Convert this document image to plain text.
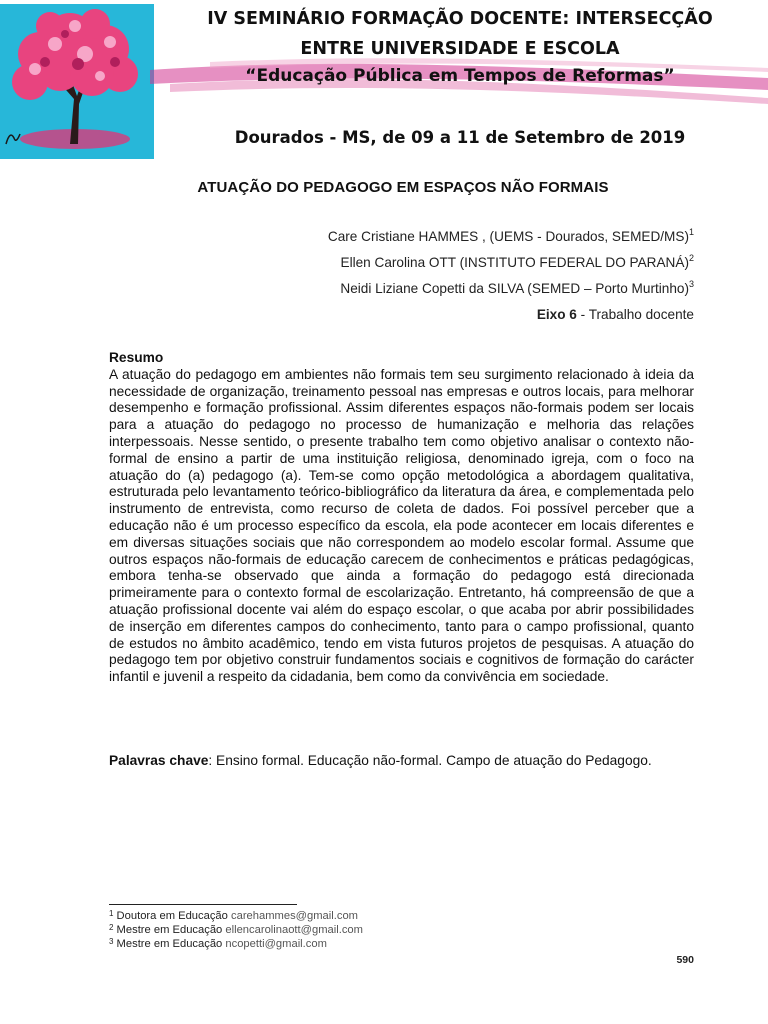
IV SEMINÁRIO FORMAÇÃO DOCENTE: INTERSECÇÃO
ENTRE UNIVERSIDADE E ESCOLA
“Educação Pública em Tempos de Reformas”
Dourados - MS, de 09 a 11 de Setembro de 2019
ATUAÇÃO DO PEDAGOGO EM ESPAÇOS NÃO FORMAIS
Care Cristiane HAMMES , (UEMS - Dourados, SEMED/MS)$^1$
Ellen Carolina OTT (INSTITUTO FEDERAL DO PARANÁ)$^2$
Neidi Liziane Copetti da SILVA (SEMED – Porto Murtinho)$^3$
Eixo 6 - Trabalho docente
Resumo

A atuação do pedagogo em ambientes não formais tem seu surgimento relacionado à ideia da necessidade de organização, treinamento pessoal nas empresas e outros locais, para melhorar desempenho e formação profissional. Assim diferentes espaços não-formais podem ser locais para a atuação do pedagogo no processo de humanização e melhoria das relações interpessoais. Nesse sentido, o presente trabalho tem como objetivo analisar o contexto não-formal de ensino a partir de uma instituição religiosa, denominado igreja, com o foco na atuação do (a) pedagogo (a). Tem-se como opção metodológica a abordagem qualitativa, estruturada pelo levantamento teórico-bibliográfico da literatura da área, e complementada pelo instrumento de entrevista, como recurso de coleta de dados. Foi possível perceber que a educação não é um processo específico da escola, ela pode acontecer em locais diferentes e em diversas situações sociais que não correspondem ao modelo escolar formal. Assume que outros espaços não-formais de educação carecem de conhecimentos e práticas pedagógicas, embora tenha-se observado que ainda a formação do pedagogo está direcionada primeiramente para o contexto formal de escolarização. Entretanto, há compreensão de que a atuação profissional docente vai além do espaço escolar, o que acaba por abrir possibilidades de inserção em diferentes campos do conhecimento, tanto para o campo profissional, quanto de estudos no âmbito acadêmico, tendo em vista futuros projetos de pesquisas. A atuação do pedagogo tem por objetivo construir fundamentos sociais e cognitivos de formação do carácter infantil e juvenil a respeito da cidadania, bem como da convivência em sociedade.

Palavras chave: Ensino formal. Educação não-formal. Campo de atuação do Pedagogo.
$^1$ Doutora em Educação carehammes@gmail.com
$^2$ Mestre em Educação ellencarolinaott@gmail.com
$^3$ Mestre em Educação ncopetti@gmail.com
590
